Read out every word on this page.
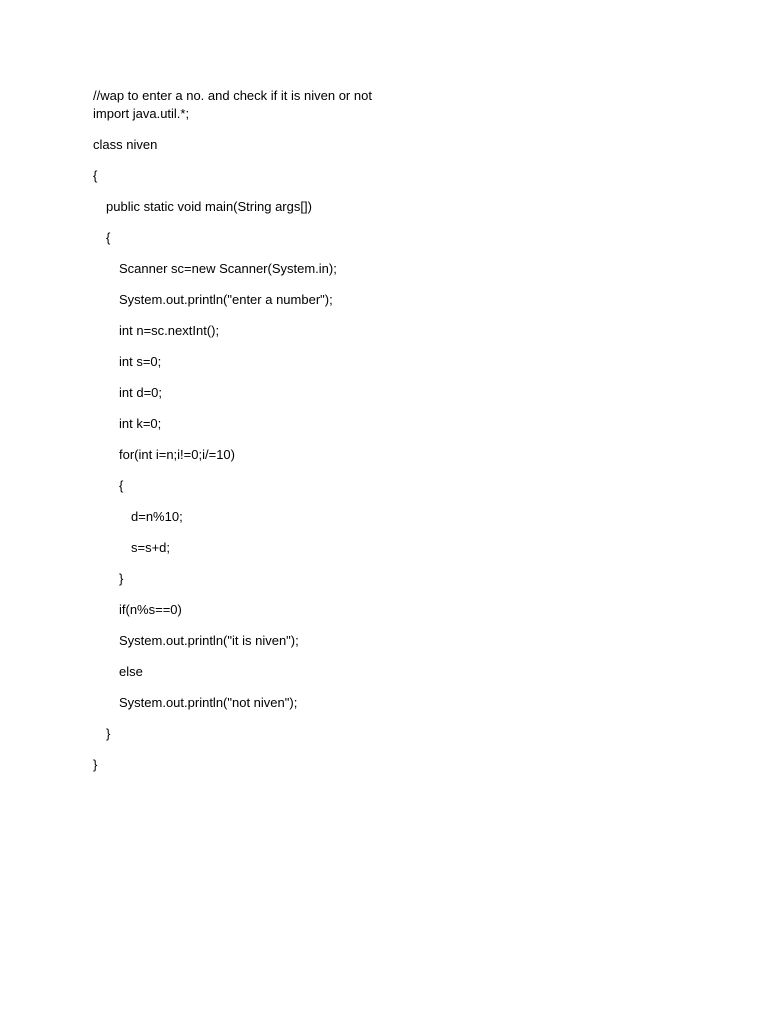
//wap to enter a no. and check if it is niven or not
import java.util.*;
class niven
{
public static void main(String args[])
{
Scanner sc=new Scanner(System.in);
System.out.println("enter a number");
int n=sc.nextInt();
int s=0;
int d=0;
int k=0;
for(int i=n;i!=0;i/=10)
{
d=n%10;
s=s+d;
}
if(n%s==0)
System.out.println("it is niven");
else
System.out.println("not niven");
}
}
